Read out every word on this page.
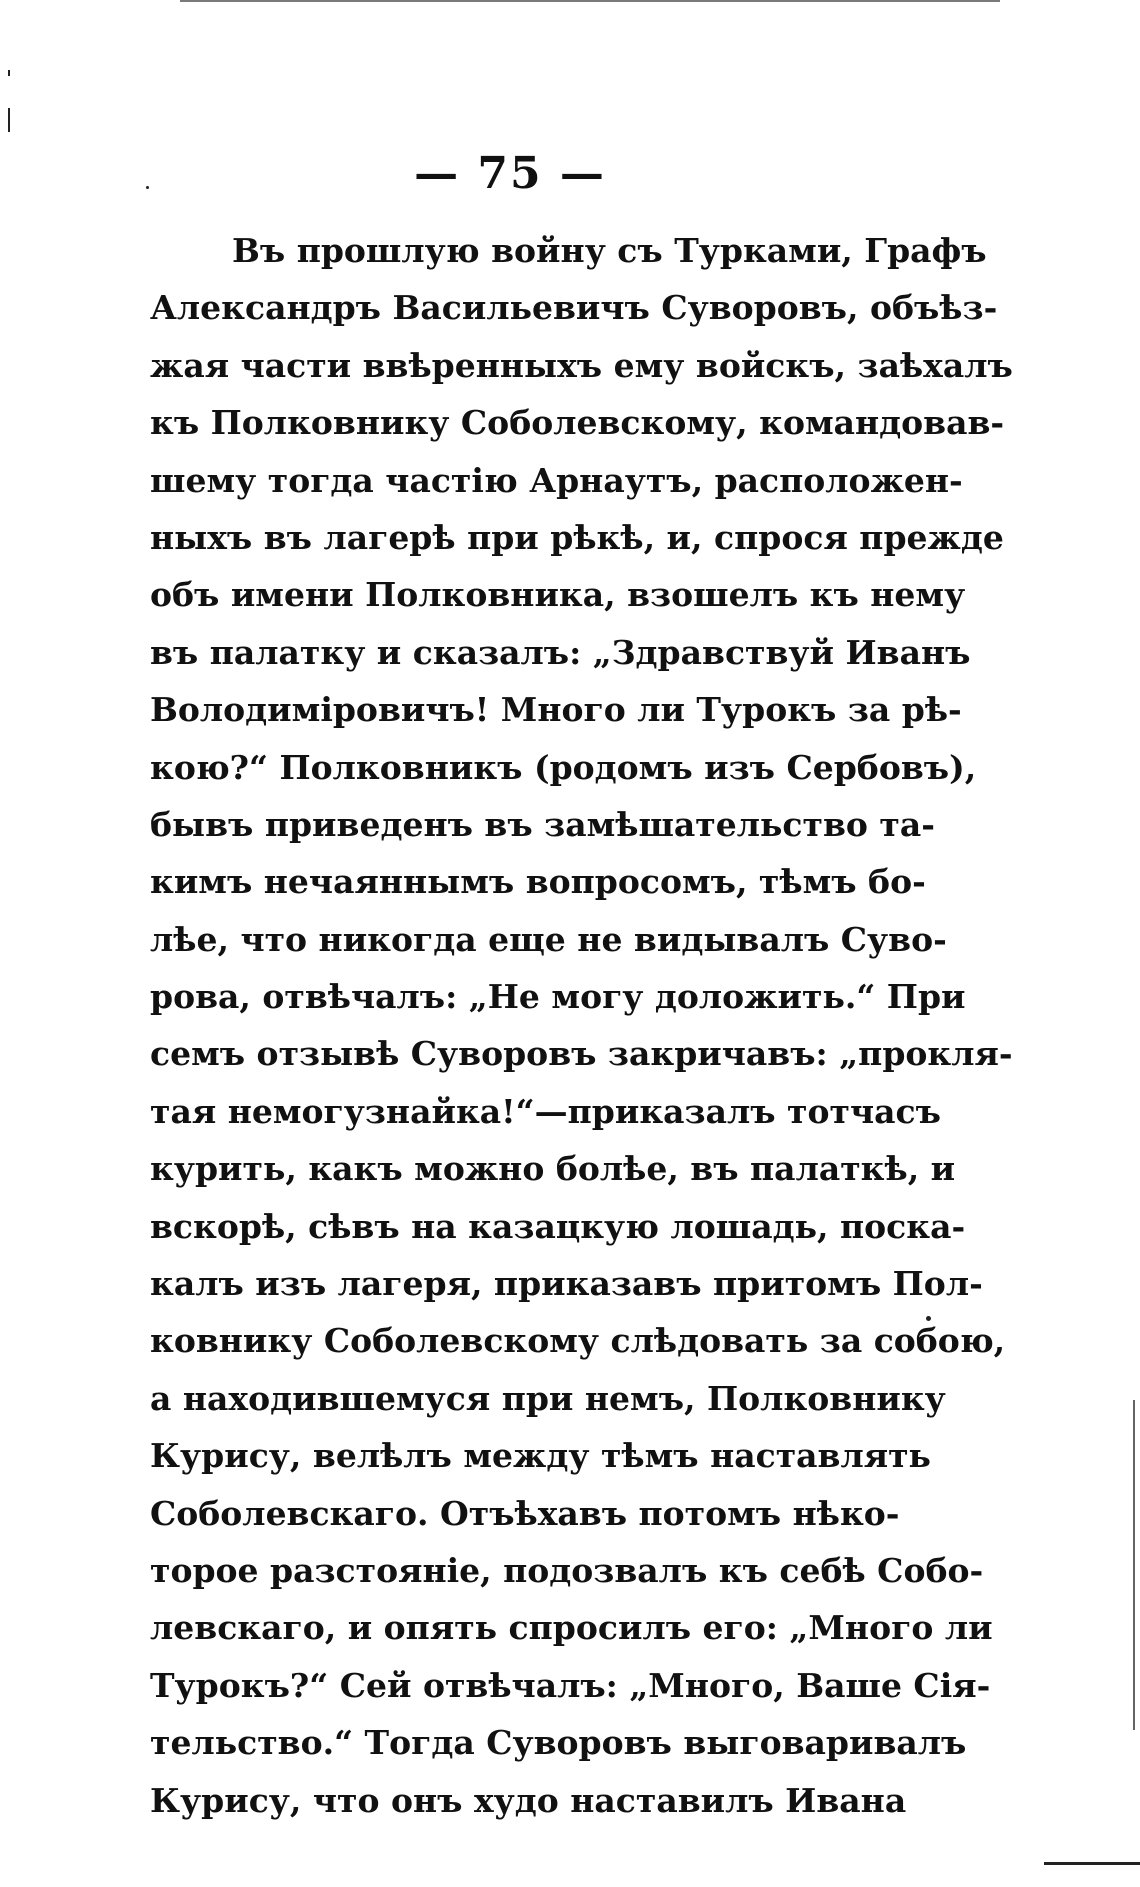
— 75 —
Въ прошлую войну съ Турками, Графъ
Александръ Васильевичъ Суворовъ, объѣз-
жая части ввѣренныхъ ему войскъ, заѣхалъ
къ Полковнику Соболевскому, командовав-
шему тогда частію Арнаутъ, расположен-
ныхъ въ лагерѣ при рѣкѣ, и, спрося прежде
объ имени Полковника, взошелъ къ нему
въ палатку и сказалъ: „Здравствуй Иванъ
Володиміровичъ! Много ли Турокъ за рѣ-
кою?“ Полковникъ (родомъ изъ Сербовъ),
бывъ приведенъ въ замѣшательство та-
кимъ нечаяннымъ вопросомъ, тѣмъ бо-
лѣе, что никогда еще не видывалъ Суво-
рова, отвѣчалъ: „Не могу доложить.“ При
семъ отзывѣ Суворовъ закричавъ: „прокля-
тая немогузнайка!“—приказалъ тотчасъ
курить, какъ можно болѣе, въ палаткѣ, и
вскорѣ, сѣвъ на казацкую лошадь, поска-
калъ изъ лагеря, приказавъ притомъ Пол-
ковнику Соболевскому слѣдовать за собою,
а находившемуся при немъ, Полковнику
Курису, велѣлъ между тѣмъ наставлять
Соболевскаго. Отъѣхавъ потомъ нѣко-
торое разстояніе, подозвалъ къ себѣ Собо-
левскаго, и опять спросилъ его: „Много ли
Турокъ?“ Сей отвѣчалъ: „Много, Ваше Сія-
тельство.“ Тогда Суворовъ выговаривалъ
Курису, что онъ худо наставилъ Ивана
